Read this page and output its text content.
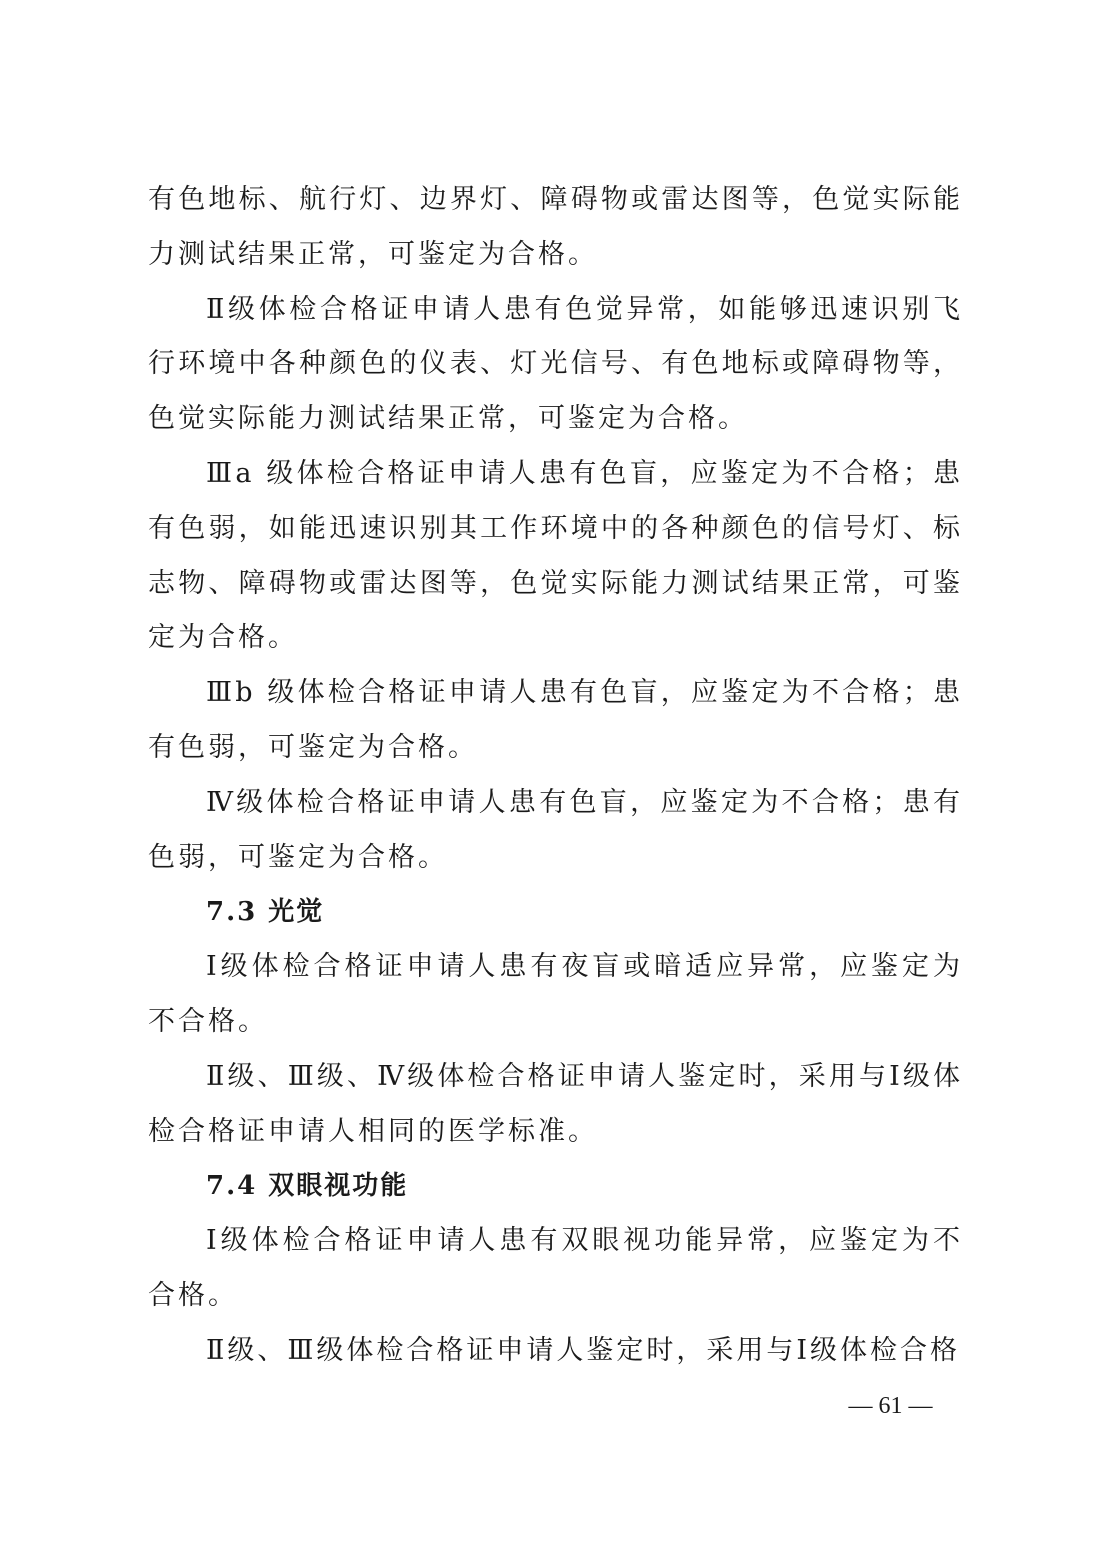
有色地标、航行灯、边界灯、障碍物或雷达图等，色觉实际能力测试结果正常，可鉴定为合格。

Ⅱ级体检合格证申请人患有色觉异常，如能够迅速识别飞行环境中各种颜色的仪表、灯光信号、有色地标或障碍物等，色觉实际能力测试结果正常，可鉴定为合格。

Ⅲa 级体检合格证申请人患有色盲，应鉴定为不合格；患有色弱，如能迅速识别其工作环境中的各种颜色的信号灯、标志物、障碍物或雷达图等，色觉实际能力测试结果正常，可鉴定为合格。

Ⅲb 级体检合格证申请人患有色盲，应鉴定为不合格；患有色弱，可鉴定为合格。

Ⅳ级体检合格证申请人患有色盲，应鉴定为不合格；患有色弱，可鉴定为合格。

7.3 光觉

Ⅰ级体检合格证申请人患有夜盲或暗适应异常，应鉴定为不合格。

Ⅱ级、Ⅲ级、Ⅳ级体检合格证申请人鉴定时，采用与Ⅰ级体检合格证申请人相同的医学标准。

7.4 双眼视功能

Ⅰ级体检合格证申请人患有双眼视功能异常，应鉴定为不合格。

Ⅱ级、Ⅲ级体检合格证申请人鉴定时，采用与Ⅰ级体检合格

— 61 —
